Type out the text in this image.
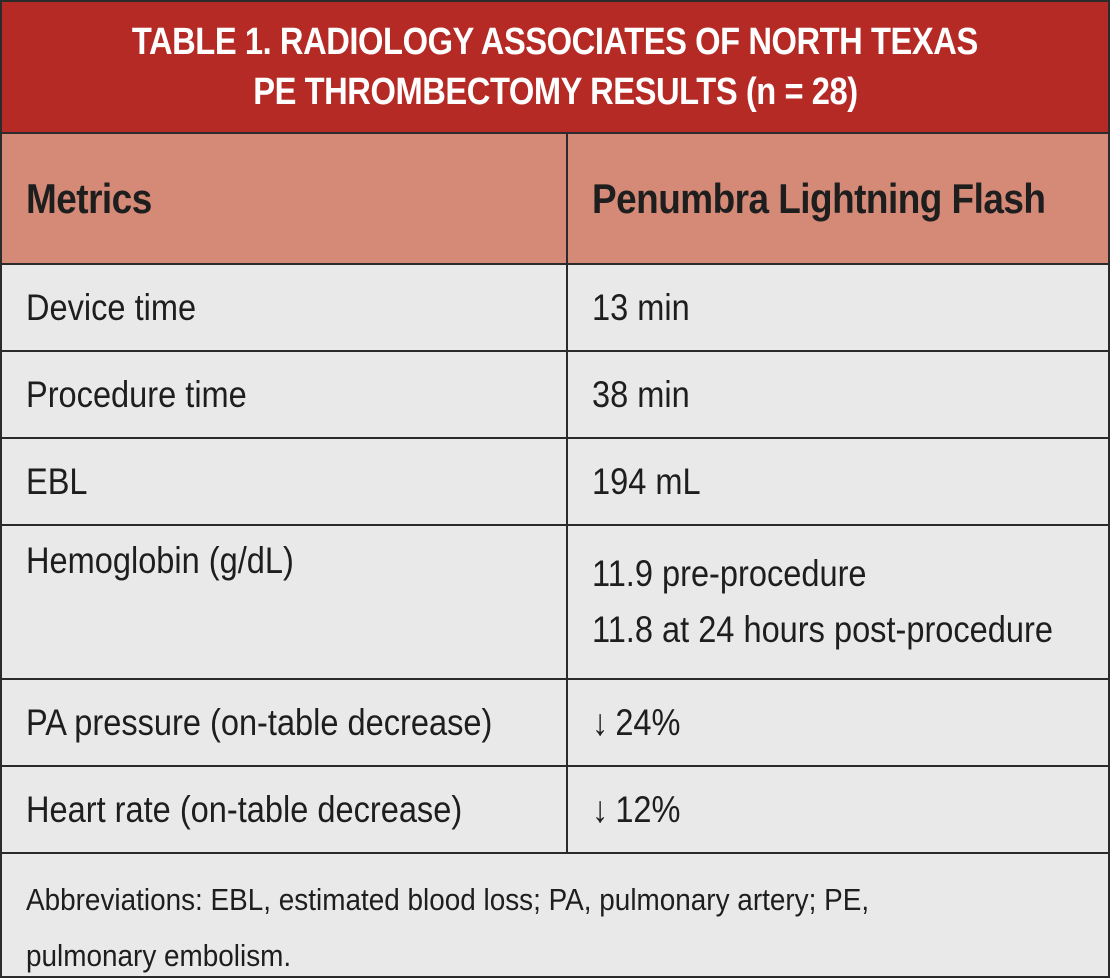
TABLE 1. RADIOLOGY ASSOCIATES OF NORTH TEXAS
PE THROMBECTOMY RESULTS (n = 28)
Metrics	Penumbra Lightning Flash
Device time	13 min
Procedure time	38 min
EBL	194 mL
Hemoglobin (g/dL)	11.9 pre-procedure
11.8 at 24 hours post-procedure

PA pressure (on-table decrease)	↓ 24%
Heart rate (on-table decrease)	↓ 12%
Abbreviations: EBL, estimated blood loss; PA, pulmonary artery; PE,
pulmonary embolism.
